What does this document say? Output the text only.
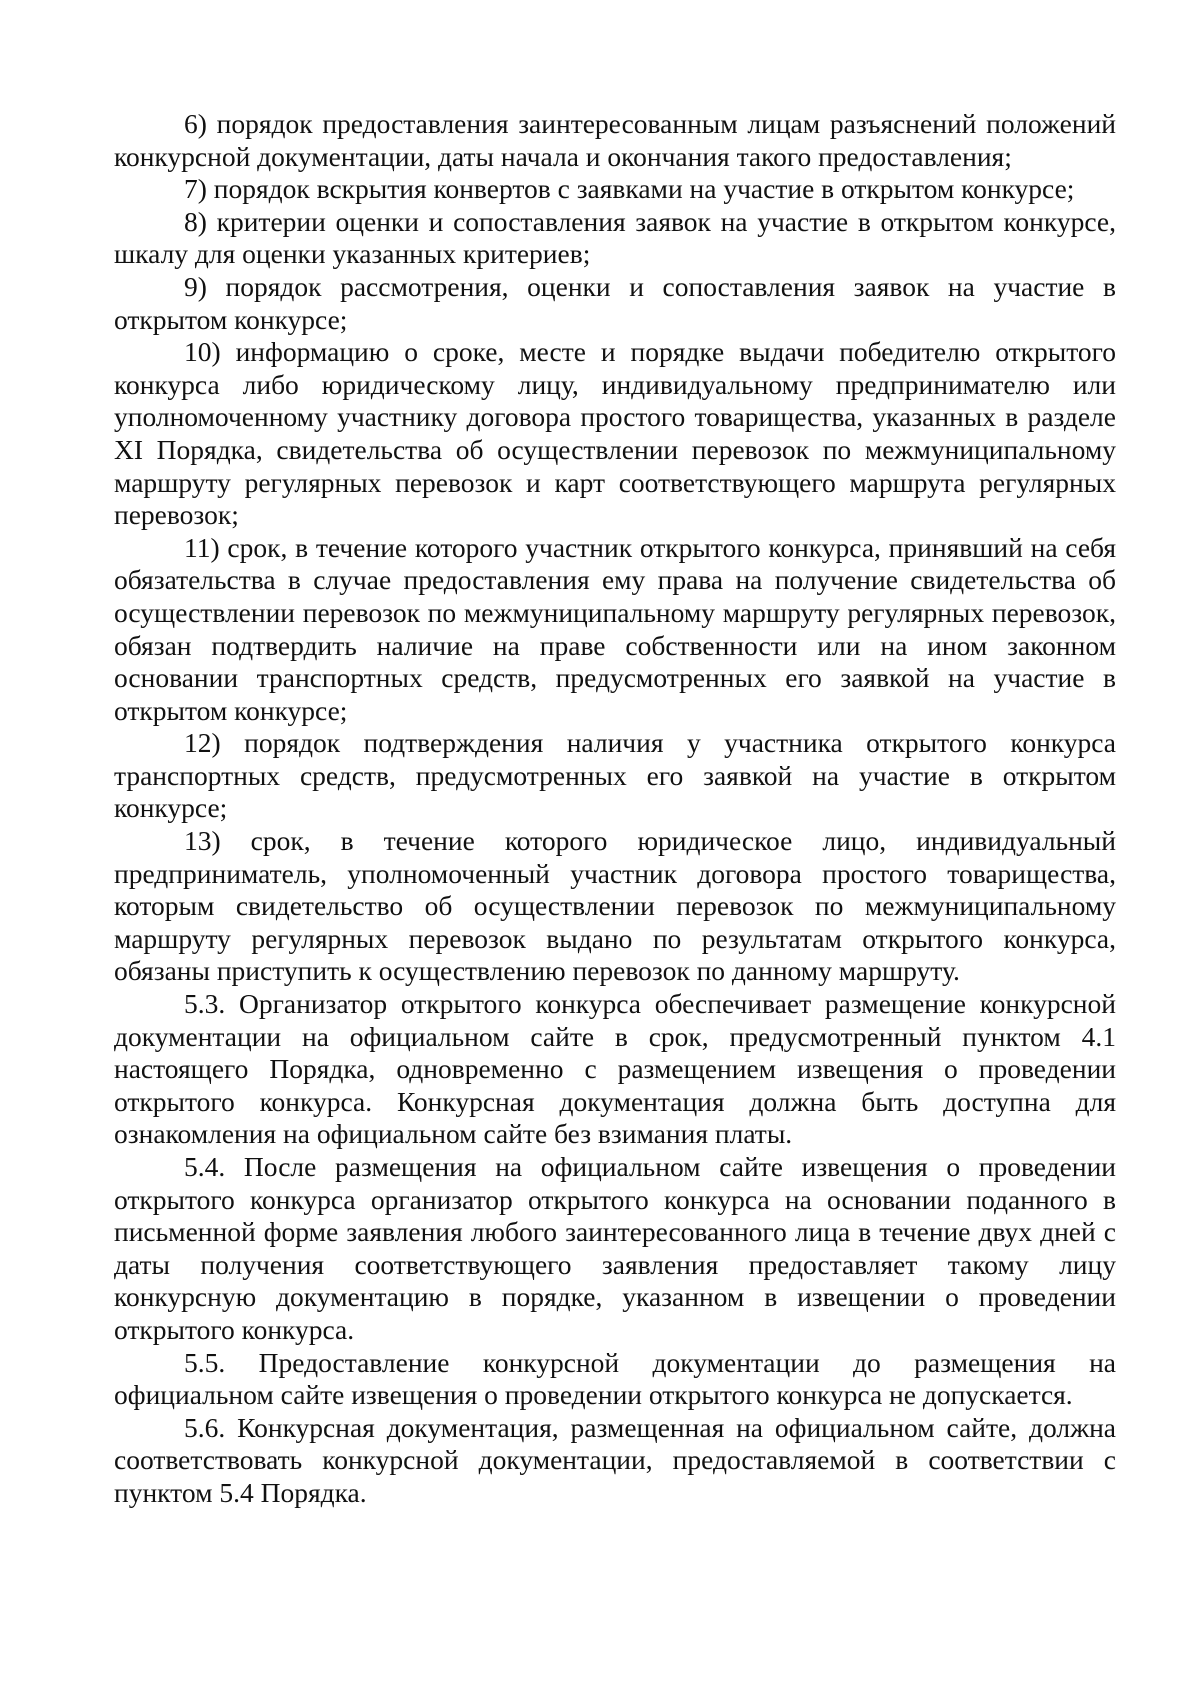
6) порядок предоставления заинтересованным лицам разъяснений положений конкурсной документации, даты начала и окончания такого предоставления;

7) порядок вскрытия конвертов с заявками на участие в открытом конкурсе;

8) критерии оценки и сопоставления заявок на участие в открытом конкурсе, шкалу для оценки указанных критериев;

9) порядок рассмотрения, оценки и сопоставления заявок на участие в открытом конкурсе;

10) информацию о сроке, месте и порядке выдачи победителю открытого конкурса либо юридическому лицу, индивидуальному предпринимателю или уполномоченному участнику договора простого товарищества, указанных в разделе XI Порядка, свидетельства об осуществлении перевозок по межмуниципальному маршруту регулярных перевозок и карт соответствующего маршрута регулярных перевозок;

11) срок, в течение которого участник открытого конкурса, принявший на себя обязательства в случае предоставления ему права на получение свидетельства об осуществлении перевозок по межмуниципальному маршруту регулярных перевозок, обязан подтвердить наличие на праве собственности или на ином законном основании транспортных средств, предусмотренных его заявкой на участие в открытом конкурсе;

12) порядок подтверждения наличия у участника открытого конкурса транспортных средств, предусмотренных его заявкой на участие в открытом конкурсе;

13) срок, в течение которого юридическое лицо, индивидуальный предприниматель, уполномоченный участник договора простого товарищества, которым свидетельство об осуществлении перевозок по межмуниципальному маршруту регулярных перевозок выдано по результатам открытого конкурса, обязаны приступить к осуществлению перевозок по данному маршруту.

5.3. Организатор открытого конкурса обеспечивает размещение конкурсной документации на официальном сайте в срок, предусмотренный пунктом 4.1 настоящего Порядка, одновременно с размещением извещения о проведении открытого конкурса. Конкурсная документация должна быть доступна для ознакомления на официальном сайте без взимания платы.

5.4. После размещения на официальном сайте извещения о проведении открытого конкурса организатор открытого конкурса на основании поданного в письменной форме заявления любого заинтересованного лица в течение двух дней с даты получения соответствующего заявления предоставляет такому лицу конкурсную документацию в порядке, указанном в извещении о проведении открытого конкурса.

5.5. Предоставление конкурсной документации до размещения на официальном сайте извещения о проведении открытого конкурса не допускается.

5.6. Конкурсная документация, размещенная на официальном сайте, должна соответствовать конкурсной документации, предоставляемой в соответствии с пунктом 5.4 Порядка.
